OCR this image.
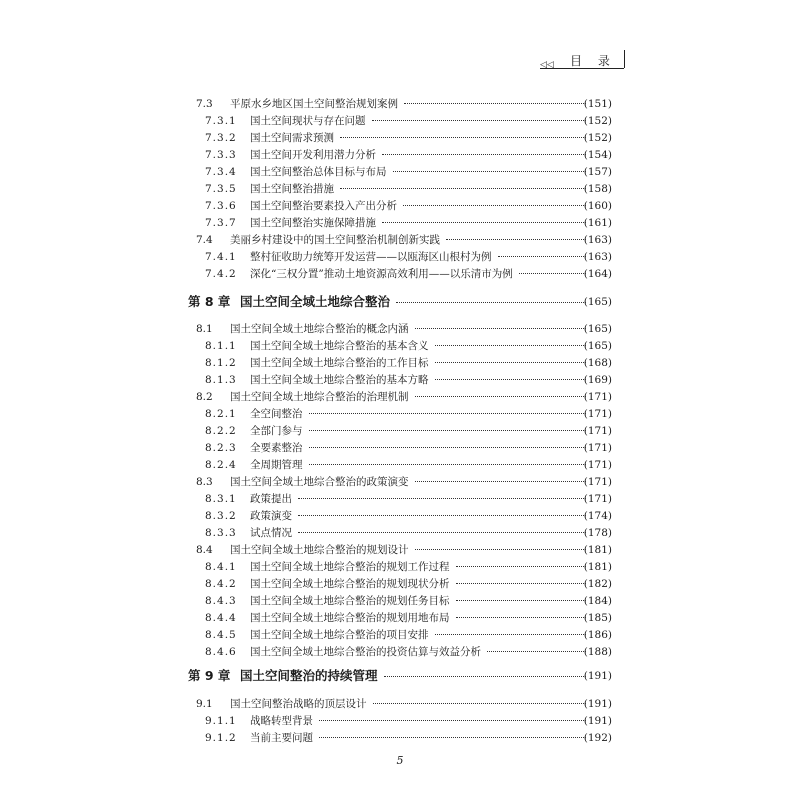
◁◁ 目 录
7.3 平原水乡地区国土空间整治规划案例	(151)
7.3.1 国土空间现状与存在问题	(152)
7.3.2 国土空间需求预测	(152)
7.3.3 国土空间开发利用潜力分析	(154)
7.3.4 国土空间整治总体目标与布局	(157)
7.3.5 国土空间整治措施	(158)
7.3.6 国土空间整治要素投入产出分析	(160)
7.3.7 国土空间整治实施保障措施	(161)
7.4 美丽乡村建设中的国土空间整治机制创新实践	(163)
7.4.1 整村征收助力统筹开发运营——以瓯海区山根村为例	(163)
7.4.2 深化“三权分置”推动土地资源高效利用——以乐清市为例	(164)
第 8 章 国土空间全域土地综合整治	(165)
8.1 国土空间全域土地综合整治的概念内涵	(165)
8.1.1 国土空间全域土地综合整治的基本含义	(165)
8.1.2 国土空间全域土地综合整治的工作目标	(168)
8.1.3 国土空间全域土地综合整治的基本方略	(169)
8.2 国土空间全域土地综合整治的治理机制	(171)
8.2.1 全空间整治	(171)
8.2.2 全部门参与	(171)
8.2.3 全要素整治	(171)
8.2.4 全周期管理	(171)
8.3 国土空间全域土地综合整治的政策演变	(171)
8.3.1 政策提出	(171)
8.3.2 政策演变	(174)
8.3.3 试点情况	(178)
8.4 国土空间全域土地综合整治的规划设计	(181)
8.4.1 国土空间全域土地综合整治的规划工作过程	(181)
8.4.2 国土空间全域土地综合整治的规划现状分析	(182)
8.4.3 国土空间全域土地综合整治的规划任务目标	(184)
8.4.4 国土空间全域土地综合整治的规划用地布局	(185)
8.4.5 国土空间全域土地综合整治的项目安排	(186)
8.4.6 国土空间全域土地综合整治的投资估算与效益分析	(188)
第 9 章 国土空间整治的持续管理	(191)
9.1 国土空间整治战略的顶层设计	(191)
9.1.1 战略转型背景	(191)
9.1.2 当前主要问题	(192)
5
